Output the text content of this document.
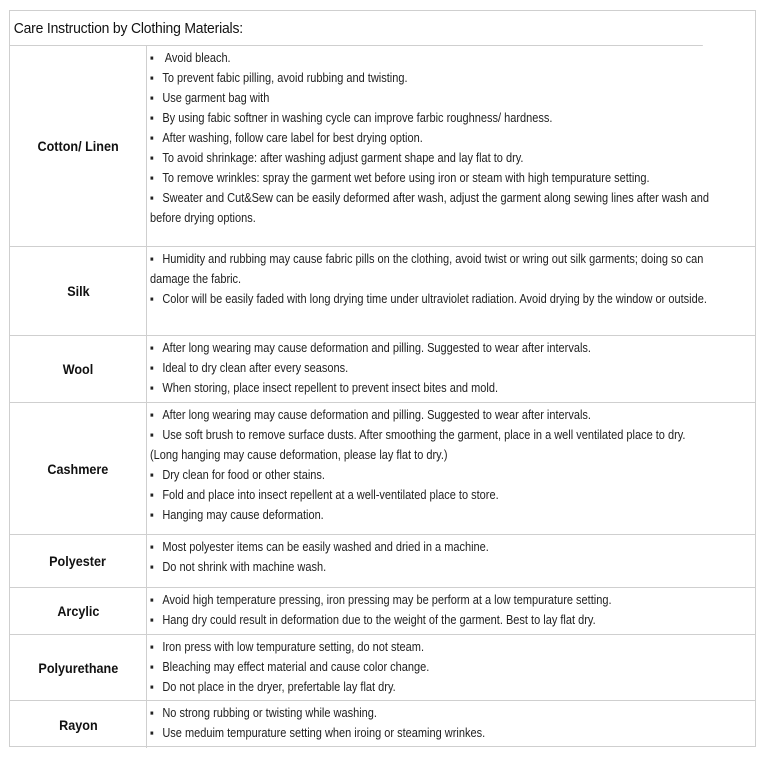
Care Instruction by Clothing Materials:
Cotton/ Linen
▪ Avoid bleach.
▪ To prevent fabic pilling, avoid rubbing and twisting.
▪ Use garment bag with
▪ By using fabic softner in washing cycle can improve farbic roughness/ hardness.
▪ After washing, follow care label for best drying option.
▪ To avoid shrinkage: after washing adjust garment shape and lay flat to dry.
▪ To remove wrinkles: spray the garment wet before using iron or steam with high tempurature setting.
▪ Sweater and Cut&Sew can be easily deformed after wash, adjust the garment along sewing lines after wash and
before drying options.
Silk
▪ Humidity and rubbing may cause fabric pills on the clothing, avoid twist or wring out silk garments; doing so can
damage the fabric.
▪ Color will be easily faded with long drying time under ultraviolet radiation. Avoid drying by the window or outside.
Wool
▪ After long wearing may cause deformation and pilling. Suggested to wear after intervals.
▪ Ideal to dry clean after every seasons.
▪ When storing, place insect repellent to prevent insect bites and mold.
Cashmere
▪ After long wearing may cause deformation and pilling. Suggested to wear after intervals.
▪ Use soft brush to remove surface dusts. After smoothing the garment, place in a well ventilated place to dry.
(Long hanging may cause deformation, please lay flat to dry.)
▪ Dry clean for food or other stains.
▪ Fold and place into insect repellent at a well-ventilated place to store.
▪ Hanging may cause deformation.
Polyester
▪ Most polyester items can be easily washed and dried in a machine.
▪ Do not shrink with machine wash.
Arcylic
▪ Avoid high temperature pressing, iron pressing may be perform at a low tempurature setting.
▪ Hang dry could result in deformation due to the weight of the garment. Best to lay flat dry.
Polyurethane
▪ Iron press with low tempurature setting, do not steam.
▪ Bleaching may effect material and cause color change.
▪ Do not place in the dryer, prefertable lay flat dry.
Rayon
▪ No strong rubbing or twisting while washing.
▪ Use meduim tempurature setting when iroing or steaming wrinkes.
